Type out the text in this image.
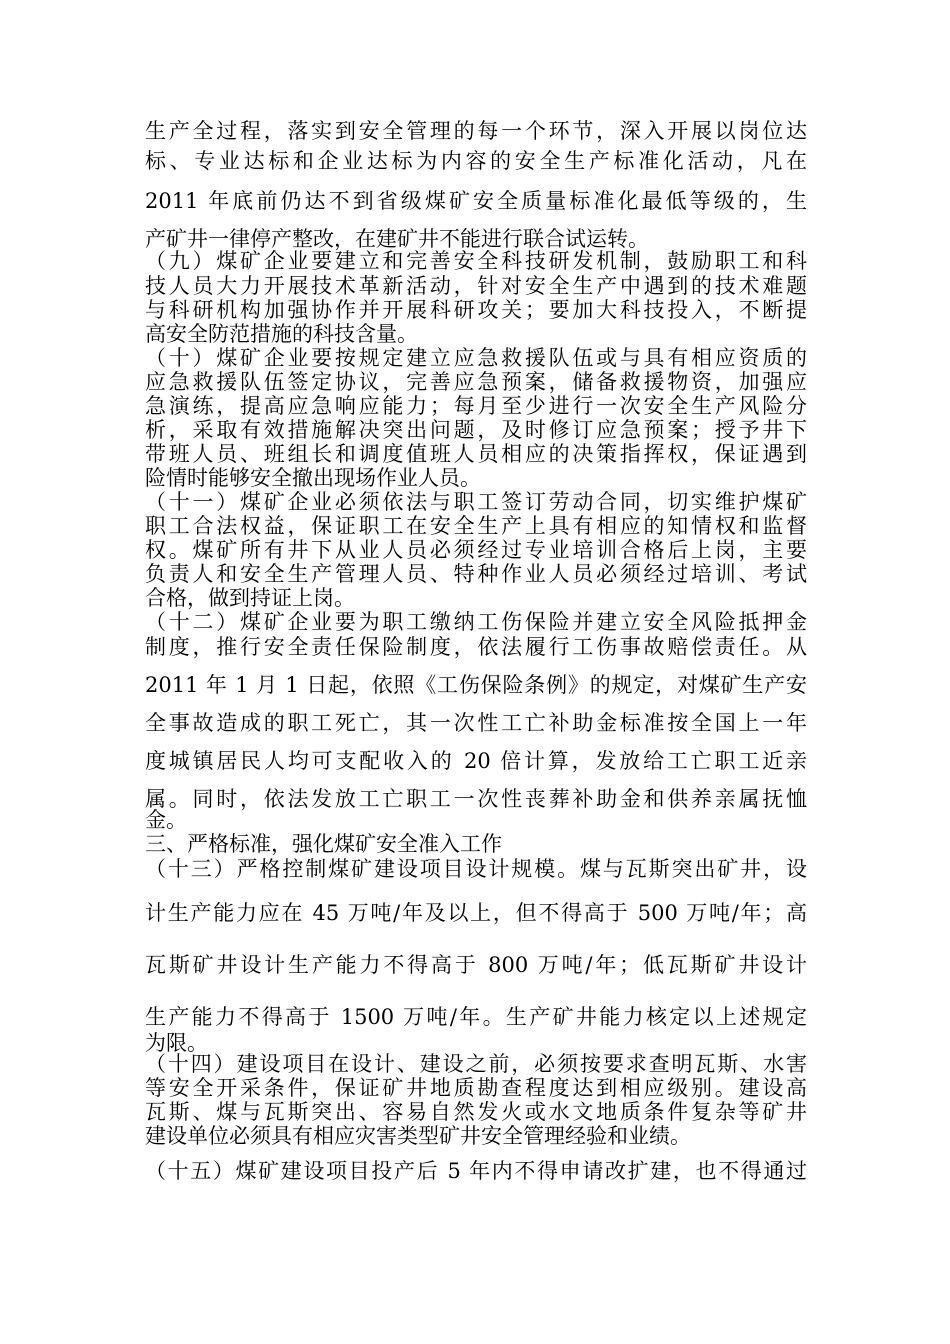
生产全过程，落实到安全管理的每一个环节，深入开展以岗位达
标、专业达标和企业达标为内容的安全生产标准化活动，凡在
2011 年底前仍达不到省级煤矿安全质量标准化最低等级的，生
产矿井一律停产整改，在建矿井不能进行联合试运转。
（九）煤矿企业要建立和完善安全科技研发机制，鼓励职工和科
技人员大力开展技术革新活动，针对安全生产中遇到的技术难题
与科研机构加强协作并开展科研攻关；要加大科技投入，不断提
高安全防范措施的科技含量。
（十）煤矿企业要按规定建立应急救援队伍或与具有相应资质的
应急救援队伍签定协议，完善应急预案，储备救援物资，加强应
急演练，提高应急响应能力；每月至少进行一次安全生产风险分
析，采取有效措施解决突出问题，及时修订应急预案；授予井下
带班人员、班组长和调度值班人员相应的决策指挥权，保证遇到
险情时能够安全撤出现场作业人员。
（十一）煤矿企业必须依法与职工签订劳动合同，切实维护煤矿
职工合法权益，保证职工在安全生产上具有相应的知情权和监督
权。煤矿所有井下从业人员必须经过专业培训合格后上岗，主要
负责人和安全生产管理人员、特种作业人员必须经过培训、考试
合格，做到持证上岗。
（十二）煤矿企业要为职工缴纳工伤保险并建立安全风险抵押金
制度，推行安全责任保险制度，依法履行工伤事故赔偿责任。从
2011 年 1 月 1 日起，依照《工伤保险条例》的规定，对煤矿生产安
全事故造成的职工死亡，其一次性工亡补助金标准按全国上一年
度城镇居民人均可支配收入的 20 倍计算，发放给工亡职工近亲
属。同时，依法发放工亡职工一次性丧葬补助金和供养亲属抚恤
金。
三、严格标准，强化煤矿安全准入工作
（十三）严格控制煤矿建设项目设计规模。煤与瓦斯突出矿井，设
计生产能力应在 45 万吨/年及以上，但不得高于 500 万吨/年；高
瓦斯矿井设计生产能力不得高于 800 万吨/年；低瓦斯矿井设计
生产能力不得高于 1500 万吨/年。生产矿井能力核定以上述规定
为限。
（十四）建设项目在设计、建设之前，必须按要求查明瓦斯、水害
等安全开采条件，保证矿井地质勘查程度达到相应级别。建设高
瓦斯、煤与瓦斯突出、容易自然发火或水文地质条件复杂等矿井
建设单位必须具有相应灾害类型矿井安全管理经验和业绩。
（十五）煤矿建设项目投产后 5 年内不得申请改扩建，也不得通过
